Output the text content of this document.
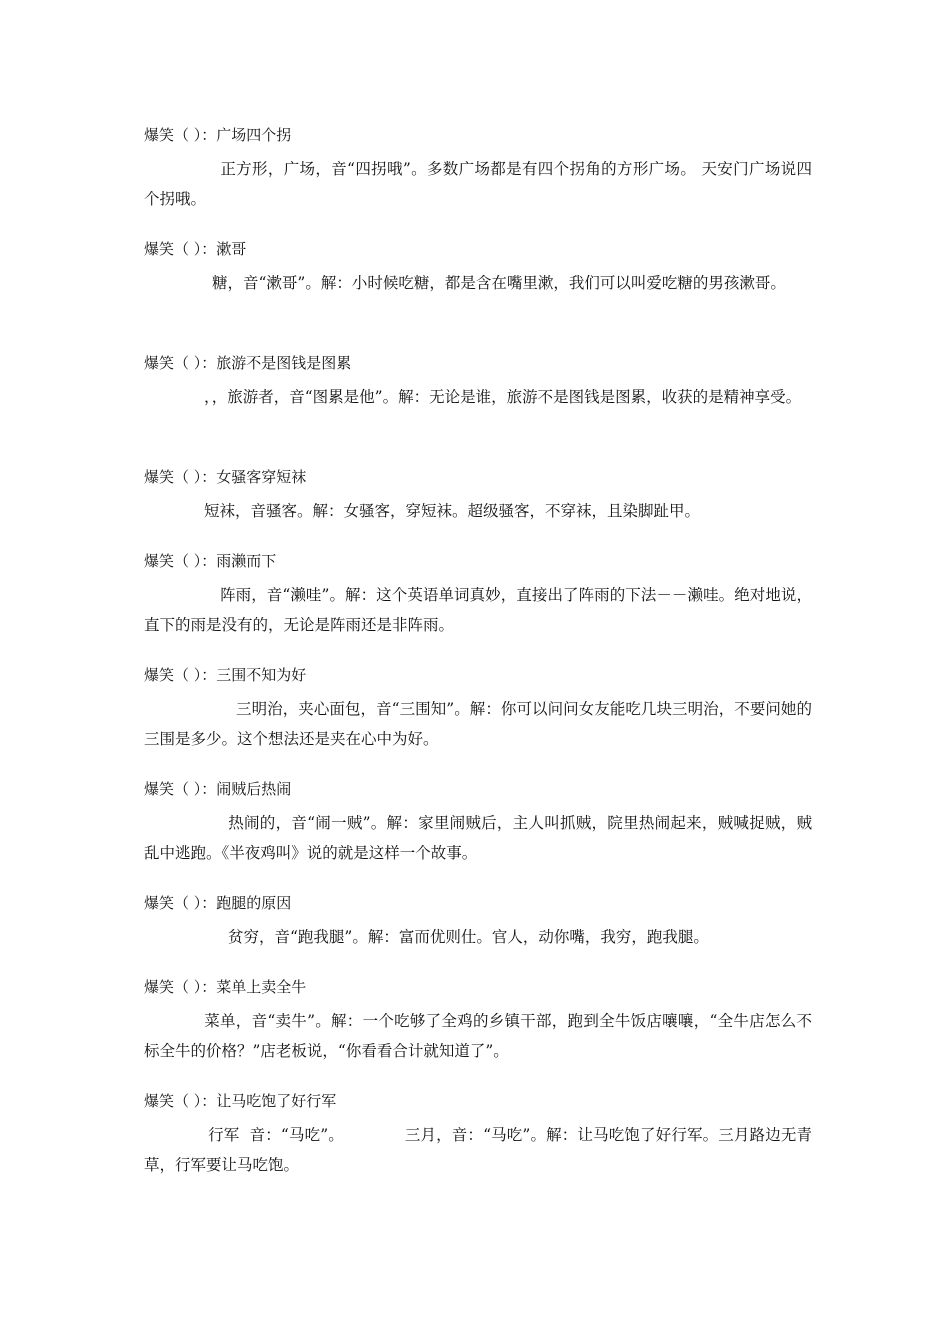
爆笑（ ）：广场四个拐
正方形，广场，音“四拐哦”。多数广场都是有四个拐角的方形广场。 天安门广场说四个拐哦。
爆笑（ ）：漱哥
糖，音“漱哥”。解：小时候吃糖，都是含在嘴里漱，我们可以叫爱吃糖的男孩漱哥。
爆笑（ ）：旅游不是图钱是图累
，，旅游者，音“图累是他”。解：无论是谁，旅游不是图钱是图累，收获的是精神享受。
爆笑（ ）：女骚客穿短袜
短袜，音骚客。解：女骚客，穿短袜。超级骚客，不穿袜，且染脚趾甲。
爆笑（ ）：雨濑而下
阵雨，音“濑哇”。解：这个英语单词真妙，直接出了阵雨的下法－－濑哇。绝对地说，直下的雨是没有的，无论是阵雨还是非阵雨。
爆笑（ ）：三围不知为好
三明治，夹心面包，音“三围知”。解：你可以问问女友能吃几块三明治，不要问她的三围是多少。这个想法还是夹在心中为好。
爆笑（ ）：闹贼后热闹
热闹的，音“闹一贼”。解：家里闹贼后，主人叫抓贼，院里热闹起来，贼喊捉贼，贼乱中逃跑。《半夜鸡叫》说的就是这样一个故事。
爆笑（ ）：跑腿的原因
贫穷，音“跑我腿”。解：富而优则仕。官人，动你嘴，我穷，跑我腿。
爆笑（ ）：菜单上卖全牛
菜单，音“卖牛”。解：一个吃够了全鸡的乡镇干部，跑到全牛饭店嚷嚷，“全牛店怎么不标全牛的价格？”店老板说，“你看看合计就知道了”。
爆笑（ ）：让马吃饱了好行军
行军  音：“马吃”。            三月，音：“马吃”。解：让马吃饱了好行军。三月路边无青草，行军要让马吃饱。
